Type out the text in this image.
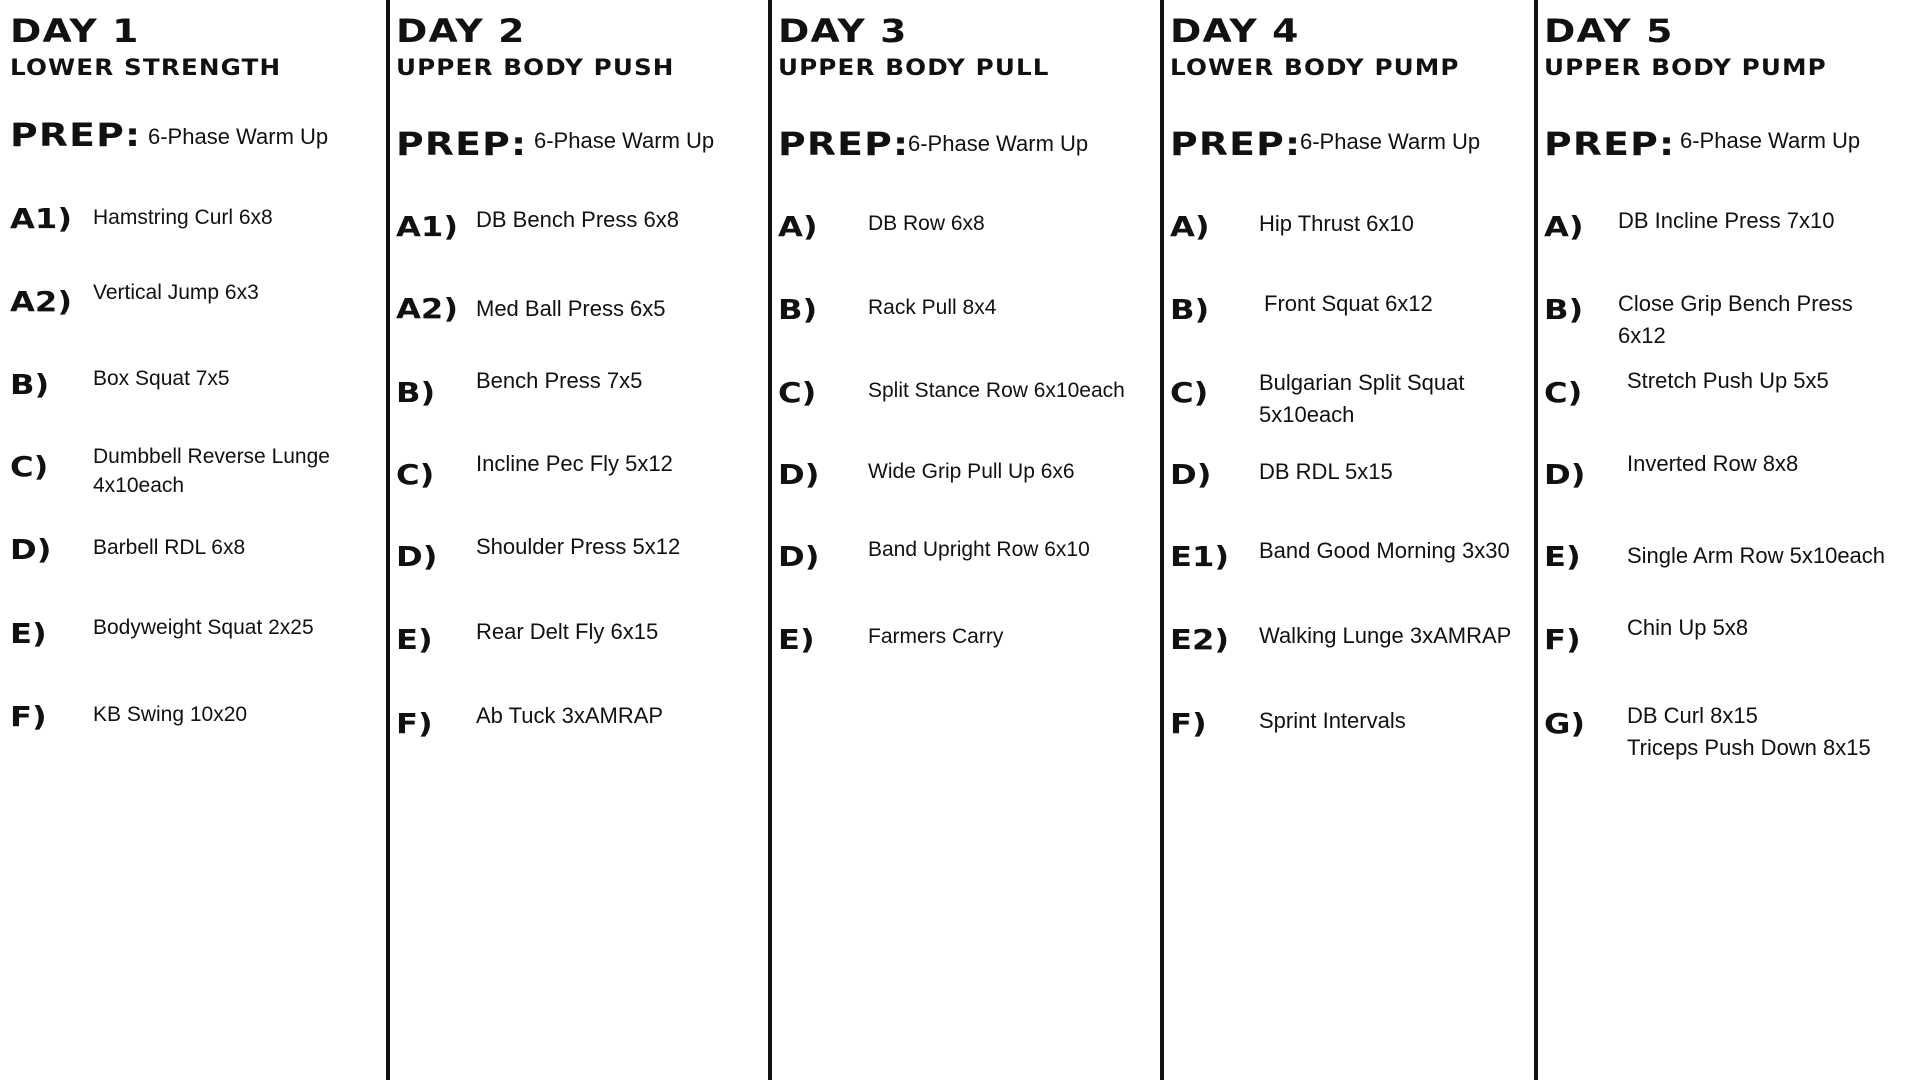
DAY 1
LOWER STRENGTH
PREP: 6-Phase Warm Up
A1) Hamstring Curl 6x8
A2) Vertical Jump 6x3
B) Box Squat 7x5
C) Dumbbell Reverse Lunge 4x10each
D) Barbell RDL 6x8
E) Bodyweight Squat 2x25
F) KB Swing 10x20
DAY 2
UPPER BODY PUSH
PREP: 6-Phase Warm Up
A1) DB Bench Press 6x8
A2) Med Ball Press 6x5
B) Bench Press 7x5
C) Incline Pec Fly 5x12
D) Shoulder Press 5x12
E) Rear Delt Fly 6x15
F) Ab Tuck 3xAMRAP
DAY 3
UPPER BODY PULL
PREP:
6-Phase Warm Up
A) DB Row 6x8
B) Rack Pull 8x4
C) Split Stance Row 6x10each
D) Wide Grip Pull Up 6x6
D) Band Upright Row 6x10
E)	Farmers Carry
DAY 4
LOWER BODY PUMP
PREP:
6-Phase Warm Up
A) Hip Thrust 6x10
B) Front Squat 6x12
C) Bulgarian Split Squat 5x10each
D) DB RDL 5x15
E1) Band Good Morning 3x30
E2) Walking Lunge 3xAMRAP
F) Sprint Intervals
DAY 5
UPPER BODY PUMP
PREP: 6-Phase Warm Up
A) DB Incline Press 7x10
B) Close Grip Bench Press 6x12
C) Stretch Push Up 5x5
D) Inverted Row 8x8
E) Single Arm Row 5x10each
F) Chin Up 5x8
G) DB Curl 8x15
Triceps Push Down 8x15
